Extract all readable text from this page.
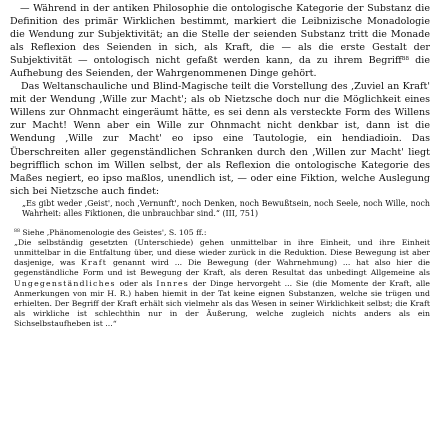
— Während in der antiken Philosophie die ontologische Kategorie der Substanz die Definition des primär Wirklichen bestimmt, markiert die Leibnizische Monadologie die Wendung zur Subjektivität; an die Stelle der seienden Substanz tritt die Monade als Reflexion des Seienden in sich, als Kraft, die — als die erste Gestalt der Subjektivität — ontologisch nicht gefaßt werden kann, da zu ihrem Begriff$^{88}$ die Aufhebung des Seienden, der Wahrgenommenen Dinge gehört.

Das Weltanschauliche und Blind-Magische teilt die Vorstellung des ‚Zuviel an Kraft' mit der Wendung ‚Wille zur Macht'; als ob Nietzsche doch nur die Möglichkeit eines Willens zur Ohnmacht eingeräumt hätte, es sei denn als versteckte Form des Willens zur Macht! Wenn aber ein Wille zur Ohnmacht nicht denkbar ist, dann ist die Wendung ‚Wille zur Macht' eo ipso eine Tautologie, ein hendiadioin. Das Überschreiten aller gegenständlichen Schranken durch den ‚Willen zur Macht' liegt begrifflich schon im Willen selbst, der als Reflexion die ontologische Kategorie des Maßes negiert, eo ipso maßlos, unendlich ist, — oder eine Fiktion, welche Auslegung sich bei Nietzsche auch findet:

„Es gibt weder ‚Geist', noch ‚Vernunft', noch Denken, noch Bewußtsein, noch Seele, noch Wille, noch Wahrheit: alles Fiktionen, die unbrauchbar sind.“ (III, 751)
$^{88}$ Siehe ‚Phänomenologie des Geistes', S. 105 ff.:
„Die selbständig gesetzten (Unterschiede) gehen unmittelbar in ihre Einheit, und ihre Einheit unmittelbar in die Entfaltung über, und diese wieder zurück in die Reduktion. Diese Bewegung ist aber dasjenige, was Kraft genannt wird ... Die Bewegung (der Wahrnehmung) ... hat also hier die gegenständliche Form und ist Bewegung der Kraft, als deren Resultat das unbedingt Allgemeine als Ungegenständliches oder als Innres der Dinge hervorgeht ... Sie (die Momente der Kraft, alle Anmerkungen von mir H. R.) haben hiemit in der Tat keine eignen Substanzen, welche sie trügen und erhielten. Der Begriff der Kraft erhält sich vielmehr als das Wesen in seiner Wirklichkeit selbst; die Kraft als wirkliche ist schlechthin nur in der Äußerung, welche zugleich nichts anders als ein Sichselbstaufheben ist ...“
